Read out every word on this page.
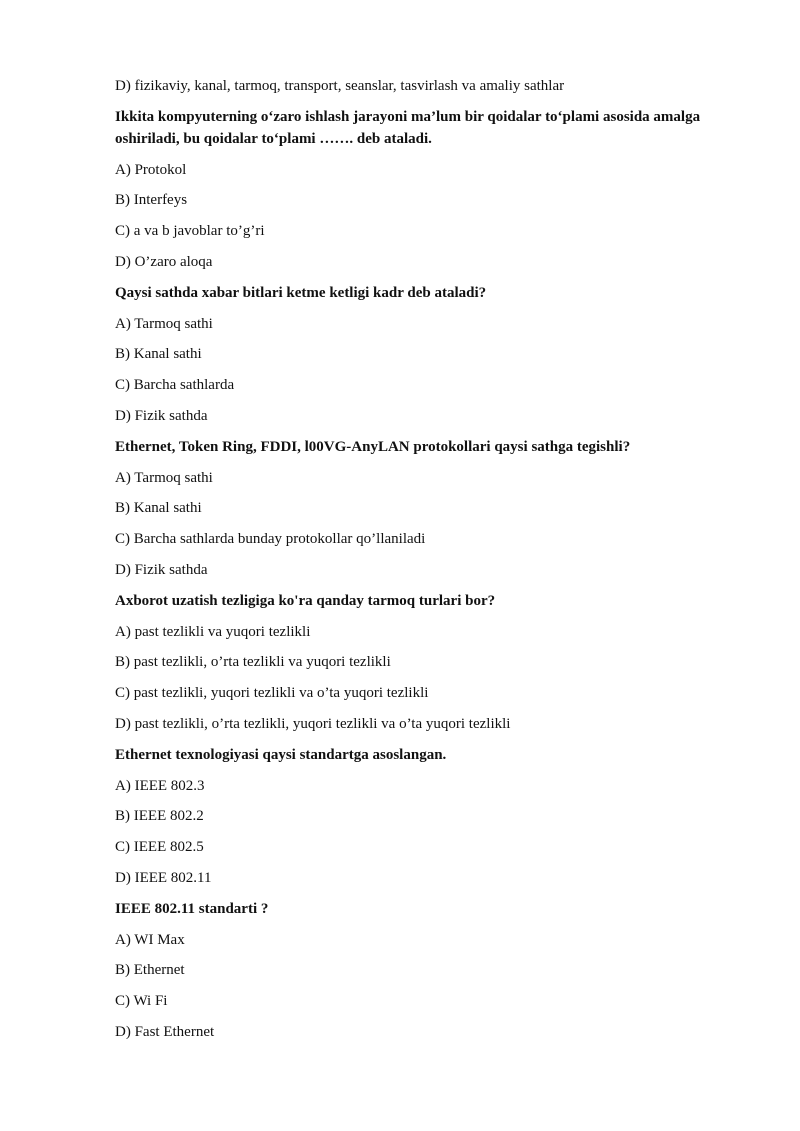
D) fizikaviy, kanal, tarmoq, transport, seanslar, tasvirlash va amaliy sathlar
Ikkita kompyuterning o‘zaro ishlash jarayoni ma’lum bir qoidalar to‘plami asosida amalga oshiriladi, bu qoidalar to‘plami ……. deb ataladi.
A) Protokol
B) Interfeys
C) a va b javoblar to’g’ri
D) O’zaro aloqa
Qaysi sathda xabar bitlari ketme ketligi kadr deb ataladi?
A) Tarmoq sathi
B) Kanal sathi
C) Barcha sathlarda
D) Fizik sathda
Ethernet, Token Ring, FDDI, l00VG-AnyLAN protokollari qaysi sathga tegishli?
A) Tarmoq sathi
B) Kanal sathi
C) Barcha sathlarda bunday protokollar qo’llaniladi
D) Fizik sathda
Axborot uzatish tezligiga ko'ra qanday tarmoq turlari bor?
A) past tezlikli va yuqori tezlikli
B) past tezlikli, o’rta tezlikli va yuqori tezlikli
C) past tezlikli, yuqori tezlikli va o’ta yuqori tezlikli
D) past tezlikli, o’rta tezlikli, yuqori tezlikli va o’ta yuqori tezlikli
Ethernet texnologiyasi qaysi standartga asoslangan.
A) IEEE 802.3
B) IEEE 802.2
C) IEEE 802.5
D) IEEE 802.11
IEEE 802.11 standarti ?
A) WI Max
B) Ethernet
C) Wi Fi
D) Fast Ethernet
